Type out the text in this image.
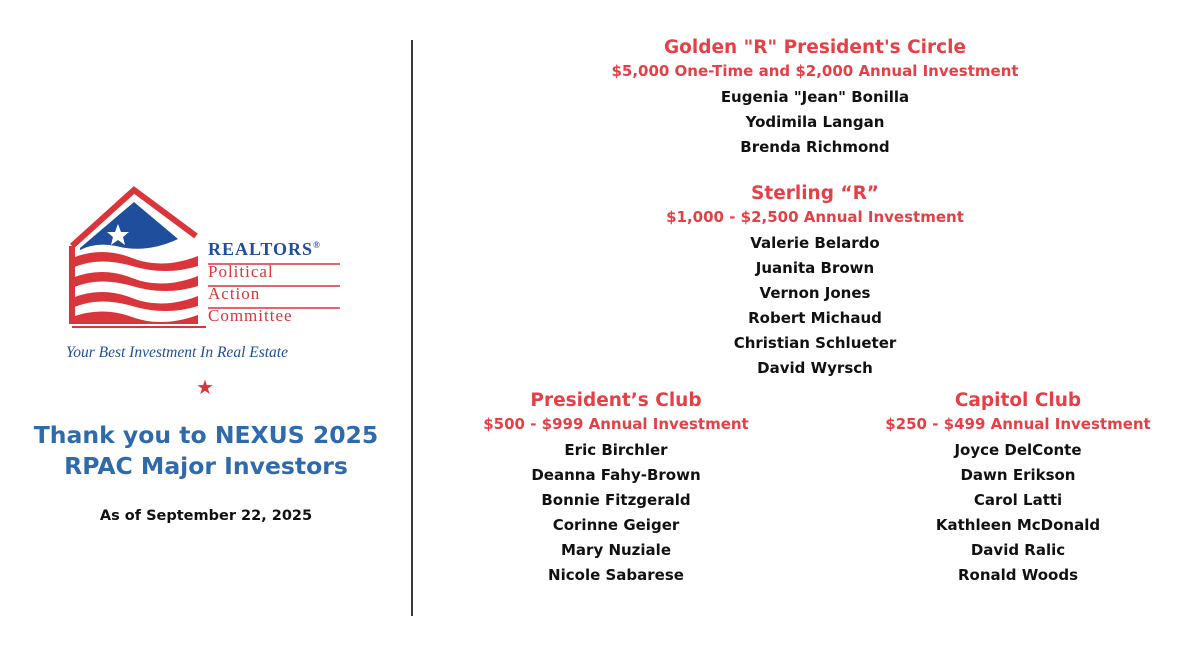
REALTORS®
Political
Action
Committee
Your Best Investment In Real Estate
★
Thank you to NEXUS 2025
RPAC Major Investors
As of September 22, 2025
Golden "R" President's Circle
$5,000 One-Time and $2,000 Annual Investment
Eugenia "Jean" Bonilla
Yodimila Langan
Brenda Richmond
Sterling “R”
$1,000 - $2,500 Annual Investment
Valerie Belardo
Juanita Brown
Vernon Jones
Robert Michaud
Christian Schlueter
David Wyrsch
President’s Club
$500 - $999 Annual Investment
Eric Birchler
Deanna Fahy-Brown
Bonnie Fitzgerald
Corinne Geiger
Mary Nuziale
Nicole Sabarese
Capitol Club
$250 - $499 Annual Investment
Joyce DelConte
Dawn Erikson
Carol Latti
Kathleen McDonald
David Ralic
Ronald Woods
